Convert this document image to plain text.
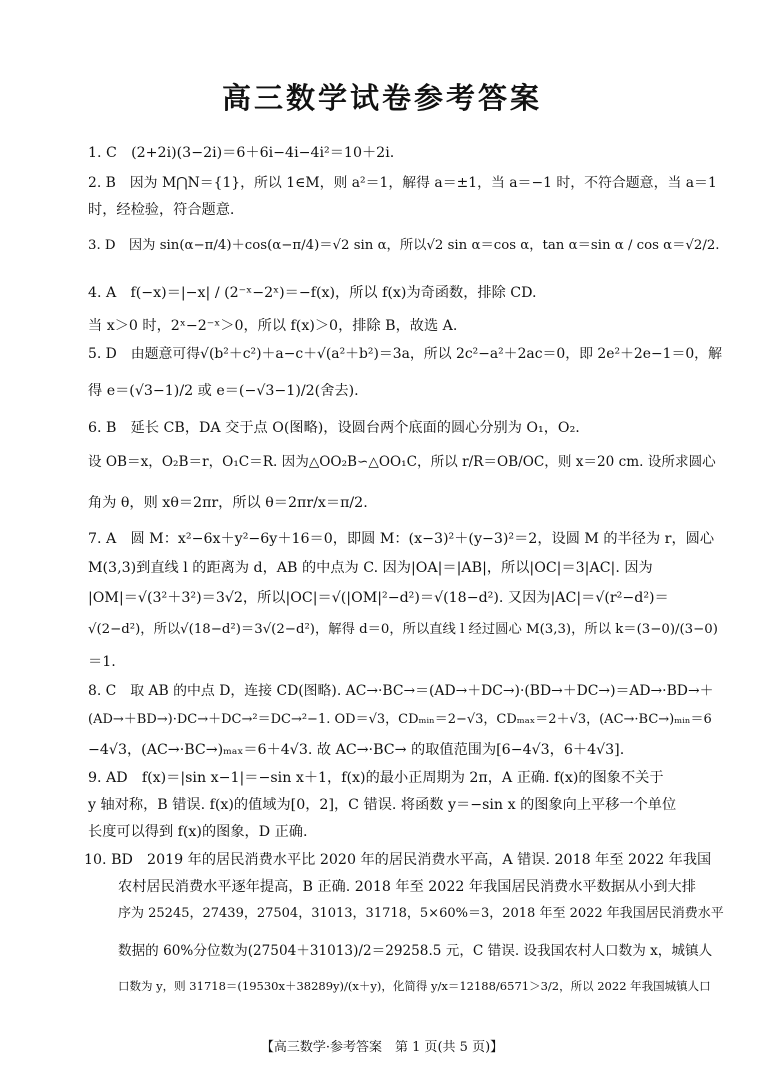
高三数学试卷参考答案
1. C　(2+2i)(3−2i)＝6＋6i−4i−4i²＝10＋2i.
2. B　因为 M⋂N＝{1}，所以 1∈M，则 a²＝1，解得 a＝±1，当 a＝−1 时，不符合题意，当 a＝1
时，经检验，符合题意.
3. D　因为 sin(α−π/4)＋cos(α−π/4)＝√2 sin α，所以√2 sin α＝cos α，tan α＝sin α / cos α＝√2/2.
4. A　f(−x)＝|−x| / (2⁻ˣ−2ˣ)＝−f(x)，所以 f(x)为奇函数，排除 CD.
当 x＞0 时，2ˣ−2⁻ˣ＞0，所以 f(x)＞0，排除 B，故选 A.
5. D　由题意可得√(b²＋c²)＋a−c＋√(a²＋b²)＝3a，所以 2c²−a²＋2ac＝0，即 2e²＋2e−1＝0，解
得 e＝(√3−1)/2 或 e＝(−√3−1)/2(舍去).
6. B　延长 CB，DA 交于点 O(图略)，设圆台两个底面的圆心分别为 O₁，O₂.
设 OB＝x，O₂B＝r，O₁C＝R. 因为△OO₂B∽△OO₁C，所以 r/R＝OB/OC，则 x＝20 cm. 设所求圆心
角为 θ，则 xθ＝2πr，所以 θ＝2πr/x＝π/2.
7. A　圆 M：x²−6x＋y²−6y＋16＝0，即圆 M：(x−3)²＋(y−3)²＝2，设圆 M 的半径为 r，圆心
M(3,3)到直线 l 的距离为 d，AB 的中点为 C. 因为|OA|＝|AB|，所以|OC|＝3|AC|. 因为
|OM|＝√(3²＋3²)＝3√2，所以|OC|＝√(|OM|²−d²)＝√(18−d²). 又因为|AC|＝√(r²−d²)＝
√(2−d²)，所以√(18−d²)＝3√(2−d²)，解得 d＝0，所以直线 l 经过圆心 M(3,3)，所以 k＝(3−0)/(3−0)
＝1.
8. C　取 AB 的中点 D，连接 CD(图略). AC→·BC→＝(AD→＋DC→)·(BD→＋DC→)＝AD→·BD→＋
(AD→＋BD→)·DC→＋DC→²＝DC→²−1. OD＝√3，CDₘᵢₙ＝2−√3，CDₘₐₓ＝2＋√3，(AC→·BC→)ₘᵢₙ＝6
−4√3，(AC→·BC→)ₘₐₓ＝6＋4√3. 故 AC→·BC→ 的取值范围为[6−4√3，6＋4√3].
9. AD　f(x)＝|sin x−1|＝−sin x＋1，f(x)的最小正周期为 2π，A 正确. f(x)的图象不关于
y 轴对称，B 错误. f(x)的值域为[0，2]，C 错误. 将函数 y＝−sin x 的图象向上平移一个单位
长度可以得到 f(x)的图象，D 正确.
10. BD　2019 年的居民消费水平比 2020 年的居民消费水平高，A 错误. 2018 年至 2022 年我国
农村居民消费水平逐年提高，B 正确. 2018 年至 2022 年我国居民消费水平数据从小到大排
序为 25245，27439，27504，31013，31718，5×60%＝3，2018 年至 2022 年我国居民消费水平
数据的 60%分位数为(27504＋31013)/2＝29258.5 元，C 错误. 设我国农村人口数为 x，城镇人
口数为 y，则 31718＝(19530x＋38289y)/(x＋y)，化简得 y/x＝12188/6571＞3/2，所以 2022 年我国城镇人口
【高三数学·参考答案　第 1 页(共 5 页)】
